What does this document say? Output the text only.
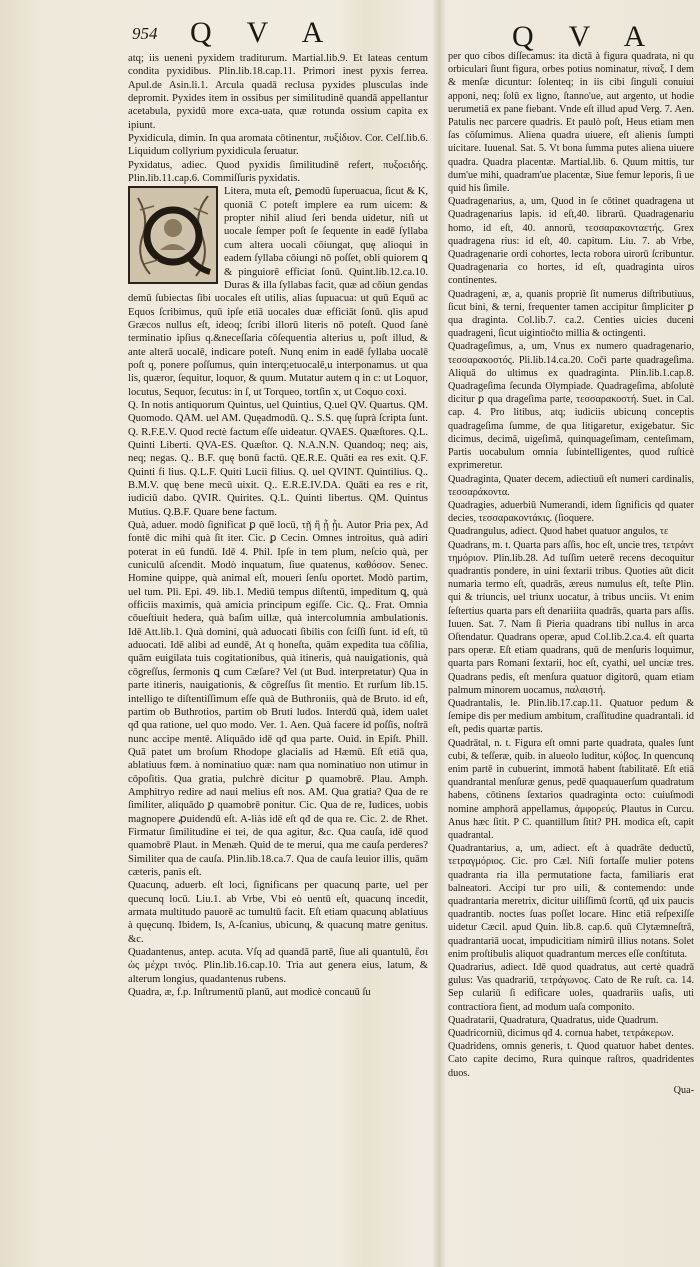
954 Q V A	Q V A

atq; iis ueneni pyxidem traditurum. Martial.lib.9. Et lateas centum condita pyxidibus. Plin.lib.18.cap.11. Primori inest pyxis ferrea. Apul.de Asin.li.1. Arcula quadā reclusa pyxides plusculas inde depromit. Pyxides item in ossibus per similitudinē quandā appellantur acetabula, pyxidū more exca-uata, quæ rotunda ossium capita ex ipiunt.

Pyxidicula, dimin. In qua aromata cōtinentur, πυξίδιον. Cor. Celſ.lib.6. Liquidum collyrium pyxidicula ſeruatur.

Pyxidatus, adiec. Quod pyxidis ſimilitudinē refert, πυξοειδής. Plin.lib.11.cap.6. Commiſſuris pyxidatis.

Litera, muta eſt, ꝑemodū ſuperuacua, ſicut & K, quoniā C poteſt implere ea rum uicem: & propter nihil aliud ſeri benda uidetur, niſi ut uocale ſemper poſt ſe ſequente in eadē ſyllaba cum altera uocali cōiungat, quę alioqui in eadem ſyllaba cōiungi nō poſſet, obli quiorem ꝗ & pinguiorē efficiat ſonū. Quint.lib.12.ca.10. Duras & illa ſyllabas facit, quæ ad cōiun gendas demū ſubiectas ſibi uocales eſt utilis, alias ſupuacua: ut quū Equū ac Equos ſcribimus, quū ipſe etiā uocales duæ efficiāt ſonū. qlis apud Græcos nullus eſt, ideoq; ſcribi illorū literis nō poteſt. Quod ſanè terminatio ipſius q.&neceſſaria cōſequentia alterius u, poſt illud, & ante alterā uocalē, indicare poteſt. Nunq enim in eadē ſyllaba uocalē poſt q, ponere poſſumus, quin interq;etuocalē,u interponamus. ut qua lis, quæror, ſequitur, loquor, & quum. Mutatur autem q in c: ut Loquor, locutus, Sequor, ſecutus: in ſ, ut Torqueo, tortſin x, ut Coquo coxi.

Q. In notis antiquorum Quintus, uel Quintius, Q.uel QV. Quartus. QM. Quomodo. QAM. uel AM. Quęadmodū. Q.. S.S. quę ſuprà ſcripta ſunt. Q. R.F.E.V. Quod rectè factum eſſe uideatur. QVAES. Quæſtores. Q.L. Quinti Liberti. QVA-ES. Quæſtor. Q. N.A.N.N. Quandoq; neq; ais, neq; negas. Q.. B.F. quę bonū factū. QE.R.E. Quāti ea res exit. Q.F. Quinti fi lius. Q.L.F. Quiti Lucii filius. Q. uel QVINT. Quintilius. Q.. B.M.V. quę bene mecū uixit. Q.. E.R.E.IV.DA. Quāti ea res e rit, iudiciū dabo. QVIR. Quirites. Q.L. Quinti libertus. QM. Quintus Mutius. Q.B.F. Quare bene factum.

Quà, aduer. modò ſignificat ꝑ quē locū, τῇ ἢ ᾗ ᾗι. Autor Pria pex, Ad fontē dic mihi quà ſit iter. Cic. ꝑ Cecin. Omnes introitus, quà adiri poterat in eū fundū. Idē 4. Phil. Ipſe in tem plum, neſcio quà, per cuniculū aſcendit. Modò inquatum, ſiue quatenus, καθόσον. Senec. Homine quippe, quà animal eſt, moueri ſenſu oportet. Modò partim, uel tum. Pli. Epi. 49. lib.1. Mediū tempus diſtentū, impeditum ꝗ, quà officiis maximis, quà amicia principum egiſſe. Cic. Q.. Frat. Omnia cōueſtiuit hedera, quà baſim uillæ, quà intercolumnia ambulationis. Idē Att.lib.1. Quà domini, quà aduocati ſibilis con ſciſſi ſunt. id eſt, tū aduocati. Idē alibi ad eundē, At q honeſta, quām expedita tua cōſilia, quām euigilata tuis cogitationibus, quà itineris, quà nauigationis, quà cōgreſſus, ſermonis ꝗ cum Cæſare? Vel (ut Bud. interpretatur) Qua in parte itineris, nauigationis, & cōgreſſus ſit mentio. Et rurſum lib.15. intelligo te diſtentiſſimum eſſe quà de Buthroniis, quà de Bruto. id eſt, partim ob Buthrotios, partim ob Bruti ludos. Interdū quà, idem ualet qđ qua ratione, uel quo modo. Ver. 1. Aen. Quà facere id poſſis, noſtrā nunc accipe mentē. Aliquādo idē qđ qua parte. Ouid. in Epiſt. Phill. Quā patet um broſum Rhodope glacialis ad Hæmū. Eſt etiā qua, ablatiuus fœm. à nominatiuo quæ: nam qua nominatiuo non utimur in cōpoſitis. Qua gratia, pulchrè dicitur ꝑ quamobrē. Plau. Amph. Amphitryo redire ad naui melius eſt nos. AM. Qua gratia? Qua de re ſimiliter, aliquādo ꝑ quamobrē ponitur. Cic. Qua de re, Iudices, uobis magnopere ꝓuidendū eſt. A-liàs idē eſt qđ de qua re. Cic. 2. de Rhet. Firmatur ſimilitudine ei tei, de qua agitur, &c. Qua cauſa, idē quod quamobrē Plaut. in Menæh. Quid de te merui, qua me cauſa perderes? Similiter qua de cauſa. Plin.lib.18.ca.7. Qua de cauſa leuior illis, quām cæteris, panis eſt.

Quacunq, aduerb. eſt loci, ſignificans per quacunq parte, uel per quecunq locū. Liu.1. ab Vrbe, Vbi eò uentū eſt, quacunq incedit, armata multitudo pauorē ac tumultū facit. Eſt etiam quacunq ablatiuus à quęcunq. Ibidem, Is, A-ſcanius, ubicunq, & quacunq matre genitus. &c.

Quadantenus, antep. acuta. Vſq ad quandā partē, ſiue ali quantulū, ἔσι ὡς μέχρι τινός. Plin.lib.16.cap.10. Tria aut genera eius, latum, & alterum longius, quadantenus rubens.

Quadra, æ, f.p. Inſtrumentū planū, aut modicè concauū ſu

per quo cibos diſſecamus: ita dictā à figura quadrata, ni qu orbiculari ſiunt figura, orbes potius nominatur, πίναξ. I dem & menſæ dicuntur: ſolenteq; in iis cibi ſinguli conuiui apponi, neq; ſolū ex ligno, ſtanno'ue, aut argento, ut hodie uerumetiā ex pane fiebant. Vnde eſt illud apud Verg. 7. Aen. Patulis nec parcere quadris. Et paulò poſt, Heus etiam men ſas cōſumimus. Aliena quadra uiuere, eſt alienis ſumpti uicitare. Iuuenal. Sat. 5. Vt bona ſumma putes aliena uiuere quadra. Quadra placentæ. Martial.lib. 6. Quum mittis, tur dum'ue mihi, quadram'ue placentæ, Siue femur leporis, ſi ue quid his ſimile.

Quadragenarius, a, um, Quod in ſe cōtinet quadragena ut Quadragenarius lapis. id eſt,40. librarū. Quadragenariu homo, id eſt, 40. annorū, τεσσαρακονταετής. Grex quadragena rius: id eſt, 40. capitum. Liu. 7. ab Vrbe, Quadragenarie ordi cohortes, lecta robora uirorū ſcribuntur. Quadragenaria co hortes, id eſt, quadraginta uiros continentes.

Quadrageni, æ, a, quanis propriè ſit numerus diſtributiuus, ſicut bini, & terni, frequenter tamen accipitur ſimpliciter ꝑ qua draginta. Col.lib.7. ca.2. Centies uicies duceni quadrageni, ſicut uigintiočto millia & octingenti.

Quadrageſimus, a, um, Vnus ex numero quadragenario, τεσσαρακοστός. Pli.lib.14.ca.20. Coči parte quadrageſima. Aliquā do ultimus ex quadraginta. Plin.lib.1.cap.8. Quadrageſima ſecunda Olympiade. Quadrageſima, abſolutè dicitur ꝑ qua drageſima parte, τεσσαρακοστή. Suet. in Cal. cap. 4. Pro litibus, atq; iudiciis ubicunq conceptis quadrageſima ſumme, de qua litigaretur, exigebatur. Sic dicimus, decimā, uigeſimā, quinquageſimam, centeſimam, Partis uocabulum omnia ſubintelligentes, quod ruſticè exprimeretur.

Quadraginta, Quater decem, adiectiuū eſt numeri cardinalis, τεσσαράκοντα.

Quadragies, aduerbiū Numerandi, idem ſignificis qd quater decies, τεσσαρακοντάκις. (ſioquere.

Quadrangulus, adiect. Quod habet quatuor angulos, τε

Quadrans, m. t. Quarta pars aſſis, hoc eſt, uncie tres, τετράντ τημόριον. Plin.lib.28. Ad tuſſim ueterē recens decoquitur quadrantis pondere, in uini ſextarii tribus. Quoties aūt dicit numaria termo eſt, quadrās, æreus numulus eſt, teſte Plin. qui & triuncis, uel triunx uocatur, à tribus unciis. Vt enim ſeſtertius quarta pars eſt denariiita quadrās, quarta pars aſſis. Iuuen. Sat. 7. Nam ſi Pieria quadrans tibi nullus in arca Oſtendatur. Quadrans operæ, apud Col.lib.2.ca.4. eſt quarta pars operæ. Eſt etiam quadrans, quū de menſuris loquimur, quarta pars Romani ſextarii, hoc eſt, cyathi, uel unciæ tres. Quadrans pedis, eſt menſura quatuor digitorū, quam etiam palmum minorem uocamus, παλαιστή.

Quadrantalis, le. Plin.lib.17.cap.11. Quatuor pedum & ſemipe dis per medium ambitum, craſſitudine quadrantali. id eſt, pedis quartæ partis.

Quadrātal, n. t. Figura eſt omni parte quadrata, quales ſunt cubi, & teſſeræ, quib. in alueolo luditur, κύβος. In quencunq enim partē in cubuerint, immotā habent ſtabilitatē. Eſt etiā quandrantal menſuræ genus, pedē quaquauerſum quadratum habens, cōtinens ſextarios quadraginta octo: cuiuſmodi nomine amphorā appellamus, ἀμφορεύς. Plautus in Curcu. Anus hæc ſitit. P C. quantillum ſitit? PH. modica eſt, capit quadrantal.

Quadrantarius, a, um, adiect. eſt à quadrāte deductū, τετραγμόριος. Cic. pro Cæl. Niſi fortaſſe mulier potens quadranta ria illa permutatione facta, familiaris erat balneatori. Accipi tur pro uili, & contemendo: unde quadrantaria meretrix, dicitur uiliſſimū ſcortū, qđ uix paucis quadrantib. noctes ſuas poſſet locare. Hinc etiā reſpexiſſe uidetur Cæcil. apud Quin. lib.8. cap.6. quū Clytæmneſtrā, quadrantariā uocat, impudicitiam nimirū illius notans. Solet enim proſtibulis aliquot quadrantum merces eſſe conſtituta.

Quadrarius, adiect. Idē quod quadratus, aut certè quadrā gulus: Vas quadrariū, τετράγωνος. Cato de Re ruſt. ca. 14. Sep culariū ſi edificare uoles, quadrariis uaſis, uti contractiora fient, ad modum uaſa componito.

Quadratarii, Quadratura, Quadratus, uide Quadrum.

Quadricorniū, dicimus qđ 4. cornua habet, τετράκερων.

Quadridens, omnis generis, t. Quod quatuor habet dentes. Cato capite decimo, Rura quinque raſtros, quadridentes duos.

Qua-
